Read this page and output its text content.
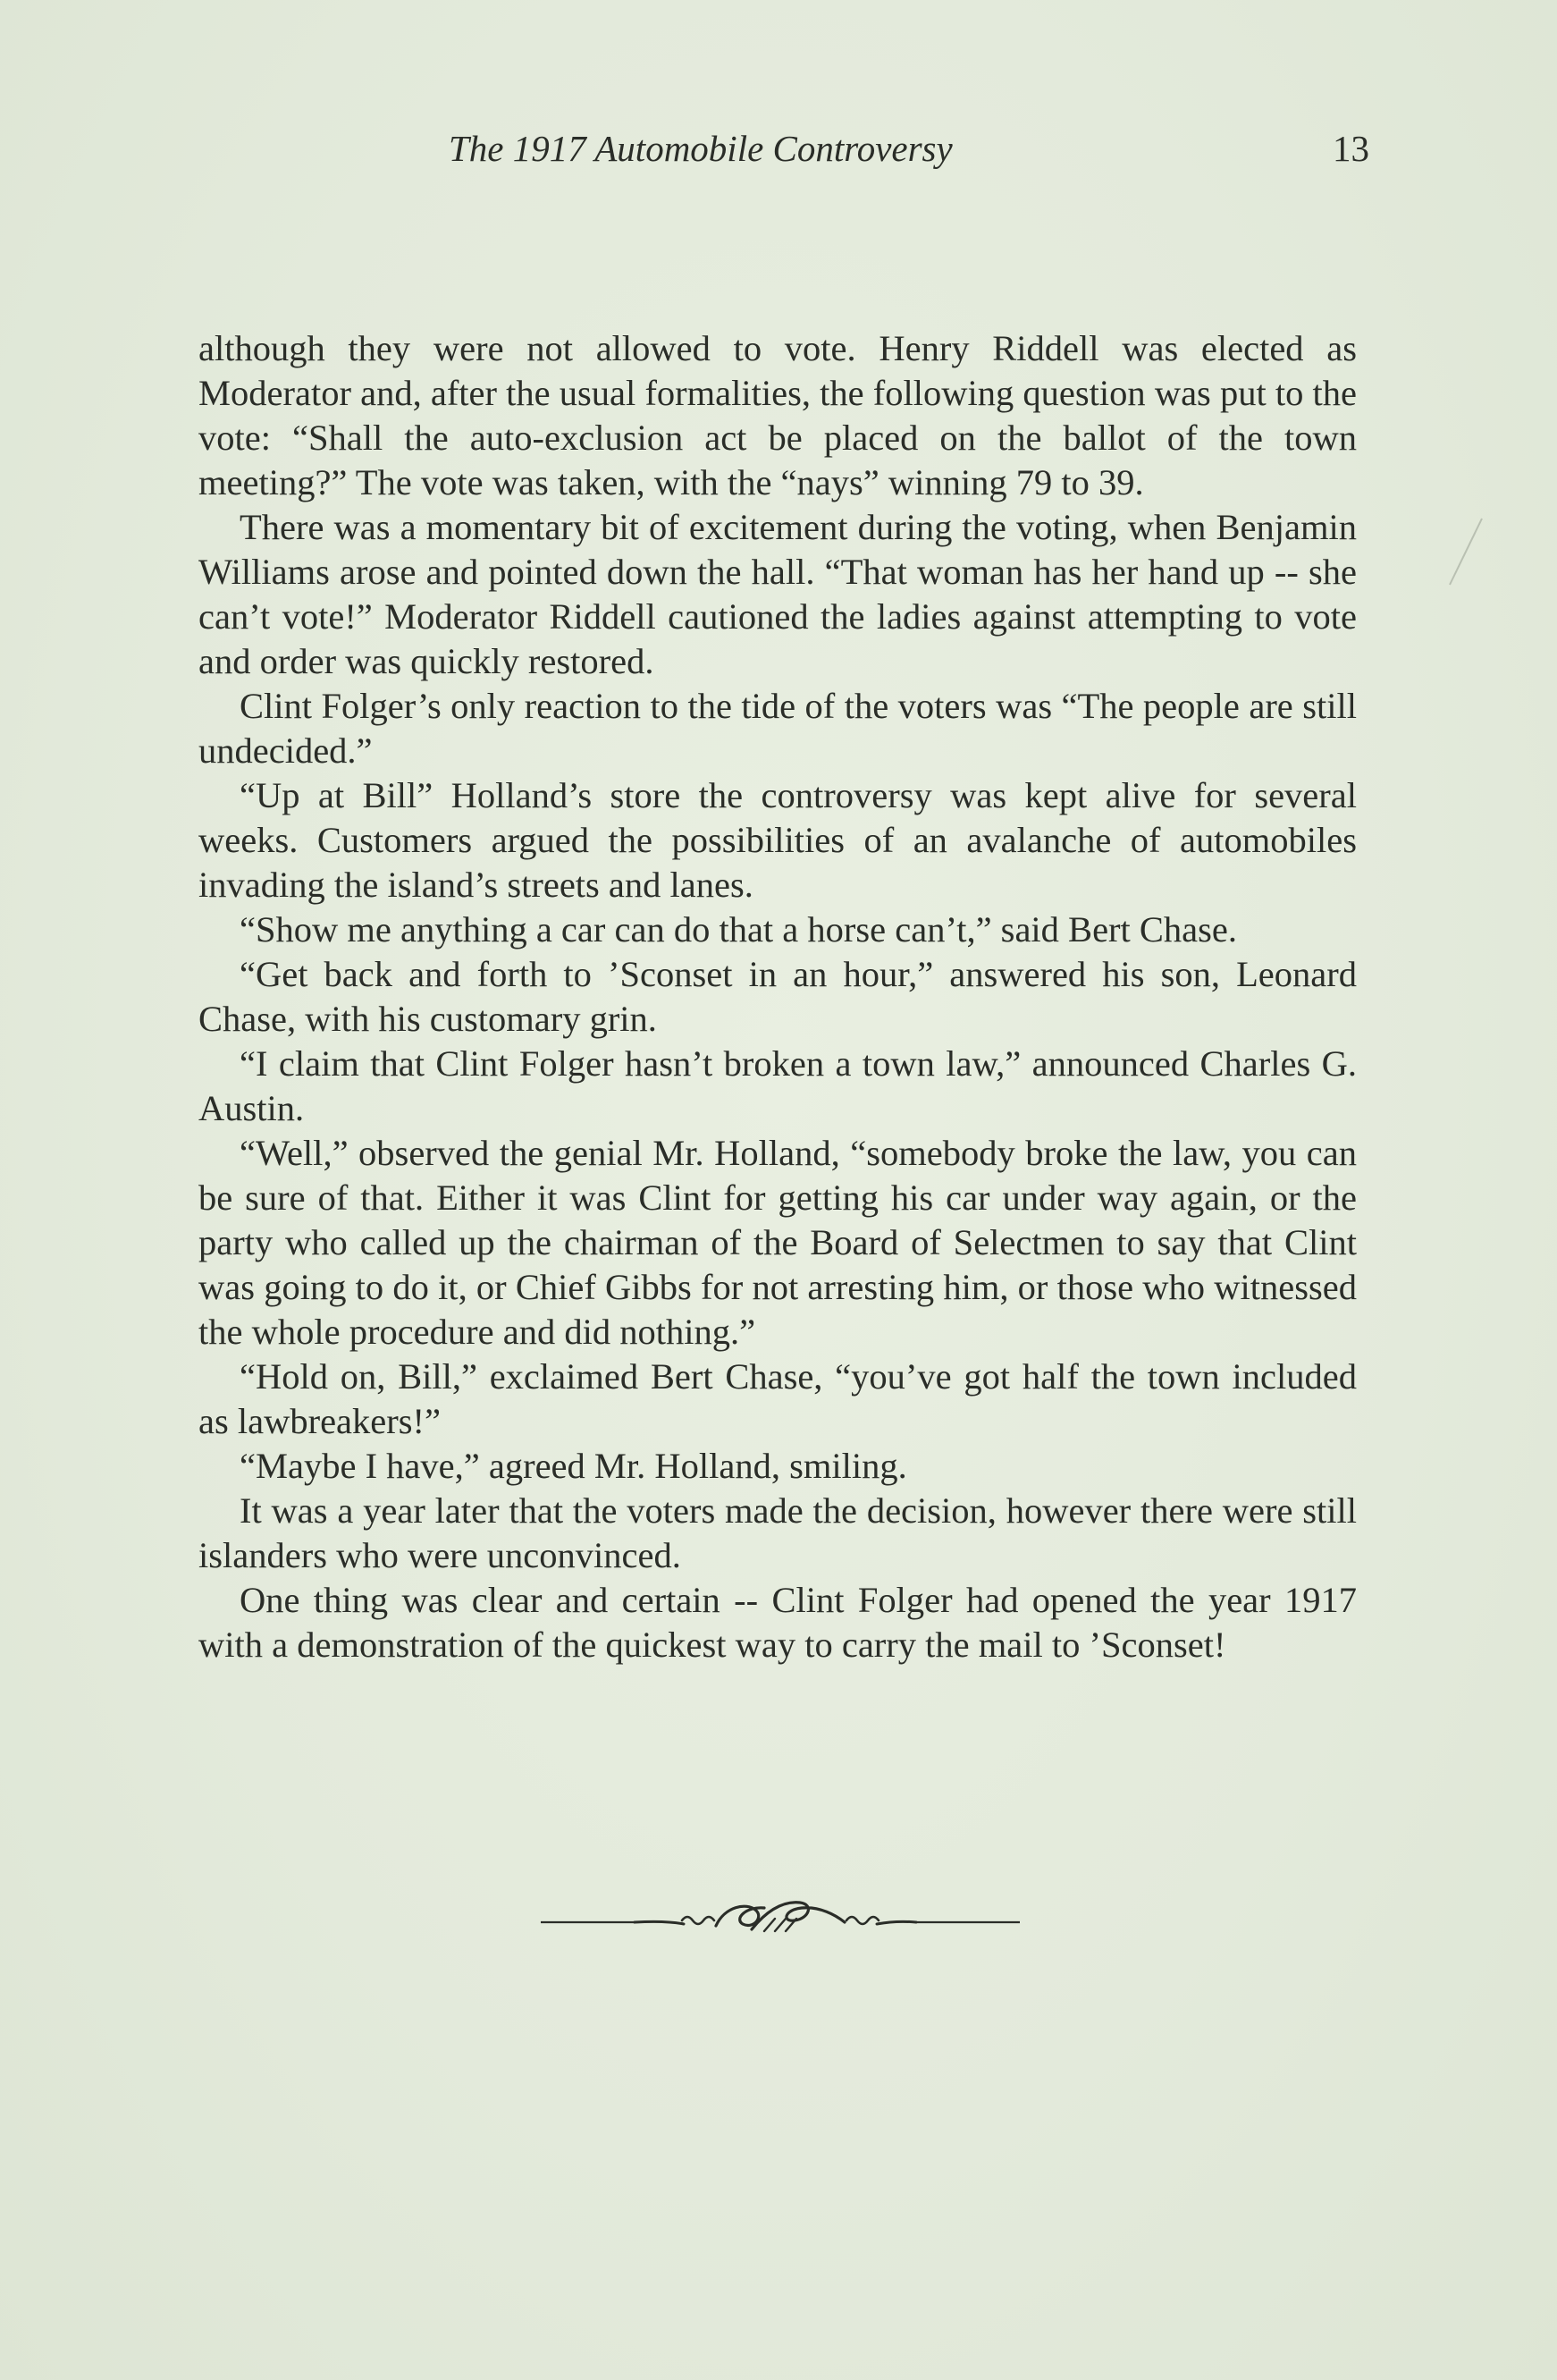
The 1917 Automobile Controversy	13

although they were not allowed to vote. Henry Riddell was elected as Moderator and, after the usual formalities, the following question was put to the vote: “Shall the auto-exclusion act be placed on the ballot of the town meeting?” The vote was taken, with the “nays” winning 79 to 39.

There was a momentary bit of excitement during the voting, when Benjamin Williams arose and pointed down the hall. “That woman has her hand up -- she can’t vote!” Moderator Riddell cautioned the ladies against attempting to vote and order was quickly restored.

Clint Folger’s only reaction to the tide of the voters was “The people are still undecided.”

“Up at Bill” Holland’s store the controversy was kept alive for several weeks. Customers argued the possibilities of an avalanche of automobiles invading the island’s streets and lanes.

“Show me anything a car can do that a horse can’t,” said Bert Chase.

“Get back and forth to ’Sconset in an hour,” answered his son, Leonard Chase, with his customary grin.

“I claim that Clint Folger hasn’t broken a town law,” announced Charles G. Austin.

“Well,” observed the genial Mr. Holland, “somebody broke the law, you can be sure of that. Either it was Clint for getting his car under way again, or the party who called up the chairman of the Board of Selectmen to say that Clint was going to do it, or Chief Gibbs for not arresting him, or those who witnessed the whole procedure and did nothing.”

“Hold on, Bill,” exclaimed Bert Chase, “you’ve got half the town included as lawbreakers!”

“Maybe I have,” agreed Mr. Holland, smiling.

It was a year later that the voters made the decision, however there were still islanders who were unconvinced.

One thing was clear and certain -- Clint Folger had opened the year 1917 with a demonstration of the quickest way to carry the mail to ’Sconset!
